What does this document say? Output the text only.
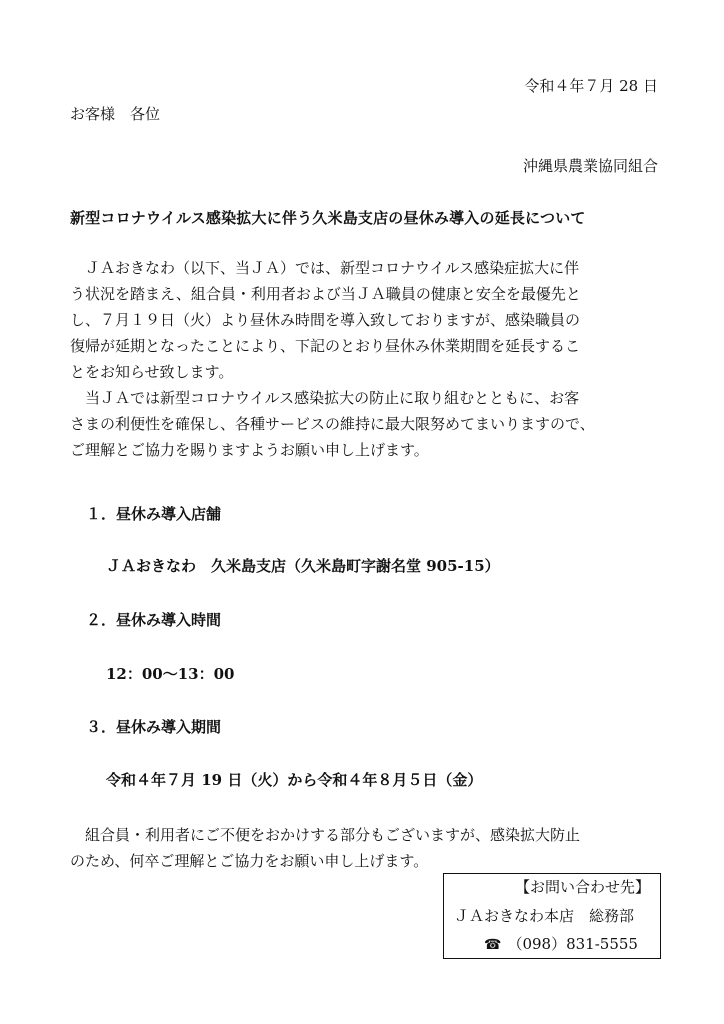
令和４年７月 28 日
お客様　各位
沖縄県農業協同組合
新型コロナウイルス感染拡大に伴う久米島支店の昼休み導入の延長について
　ＪＡおきなわ（以下、当ＪＡ）では、新型コロナウイルス感染症拡大に伴
う状況を踏まえ、組合員・利用者および当ＪＡ職員の健康と安全を最優先と
し、７月１９日（火）より昼休み時間を導入致しておりますが、感染職員の
復帰が延期となったことにより、下記のとおり昼休み休業期間を延長するこ
とをお知らせ致します。
　当ＪＡでは新型コロナウイルス感染拡大の防止に取り組むとともに、お客
さまの利便性を確保し、各種サービスの維持に最大限努めてまいりますので、
ご理解とご協力を賜りますようお願い申し上げます。
１．昼休み導入店舗
ＪＡおきなわ　久米島支店（久米島町字謝名堂 905-15）
２．昼休み導入時間
12：00～13：00
３．昼休み導入期間
令和４年７月 19 日（火）から令和４年８月５日（金）
　組合員・利用者にご不便をおかけする部分もございますが、感染拡大防止
のため、何卒ご理解とご協力をお願い申し上げます。
【お問い合わせ先】
ＪＡおきなわ本店　総務部
☎ （098）831-5555
